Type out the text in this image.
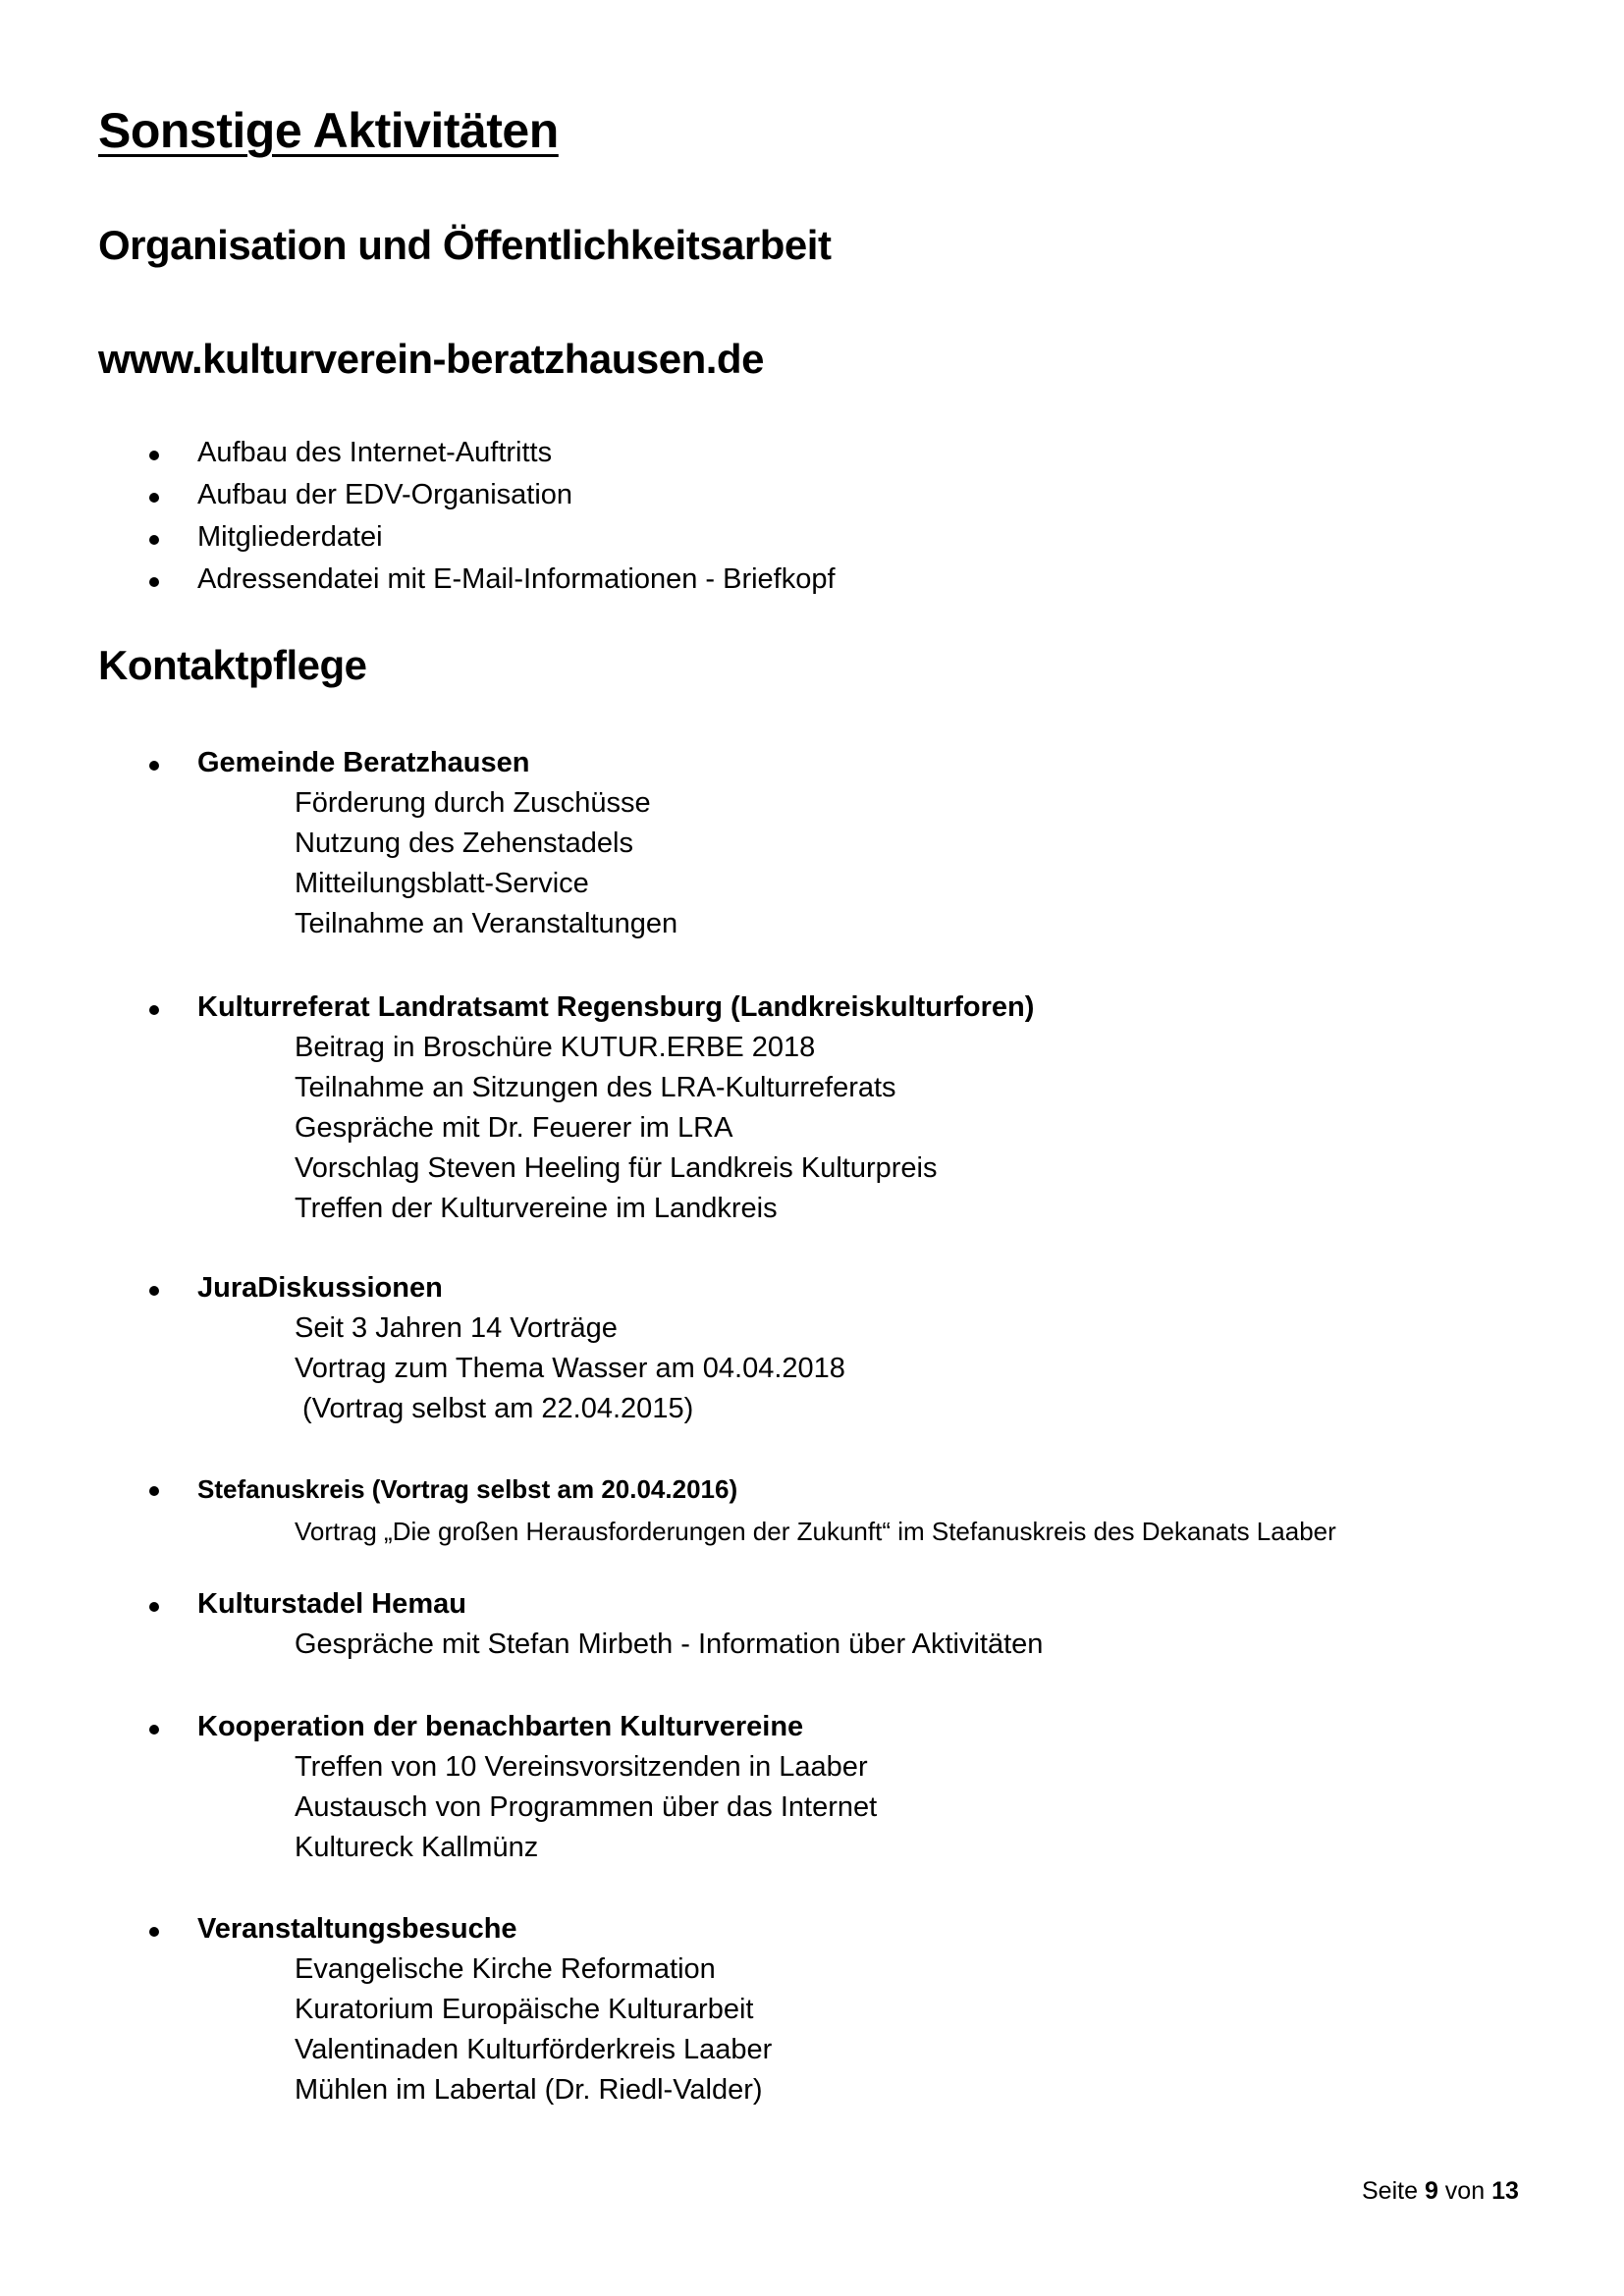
Sonstige Aktivitäten
Organisation und Öffentlichkeitsarbeit
www.kulturverein-beratzhausen.de
Aufbau des Internet-Auftritts
Aufbau der EDV-Organisation
Mitgliederdatei
Adressendatei mit E-Mail-Informationen - Briefkopf
Kontaktpflege
Gemeinde Beratzhausen
Förderung durch Zuschüsse
Nutzung des Zehenstadels
Mitteilungsblatt-Service
Teilnahme an Veranstaltungen
Kulturreferat Landratsamt Regensburg (Landkreiskulturforen)
Beitrag in Broschüre KUTUR.ERBE 2018
Teilnahme an Sitzungen des LRA-Kulturreferats
Gespräche mit Dr. Feuerer im LRA
Vorschlag Steven Heeling für Landkreis Kulturpreis
Treffen der Kulturvereine im Landkreis
JuraDiskussionen
Seit 3 Jahren 14 Vorträge
Vortrag zum Thema Wasser am 04.04.2018
(Vortrag selbst am 22.04.2015)
Stefanuskreis (Vortrag selbst am 20.04.2016)
Vortrag „Die großen Herausforderungen der Zukunft“ im Stefanuskreis des Dekanats Laaber
Kulturstadel Hemau
Gespräche mit Stefan Mirbeth - Information über Aktivitäten
Kooperation der benachbarten Kulturvereine
Treffen von 10 Vereinsvorsitzenden in Laaber
Austausch von Programmen über das Internet
Kultureck Kallmünz
Veranstaltungsbesuche
Evangelische Kirche Reformation
Kuratorium Europäische Kulturarbeit
Valentinaden Kulturförderkreis Laaber
Mühlen im Labertal (Dr. Riedl-Valder)
Seite 9 von 13
